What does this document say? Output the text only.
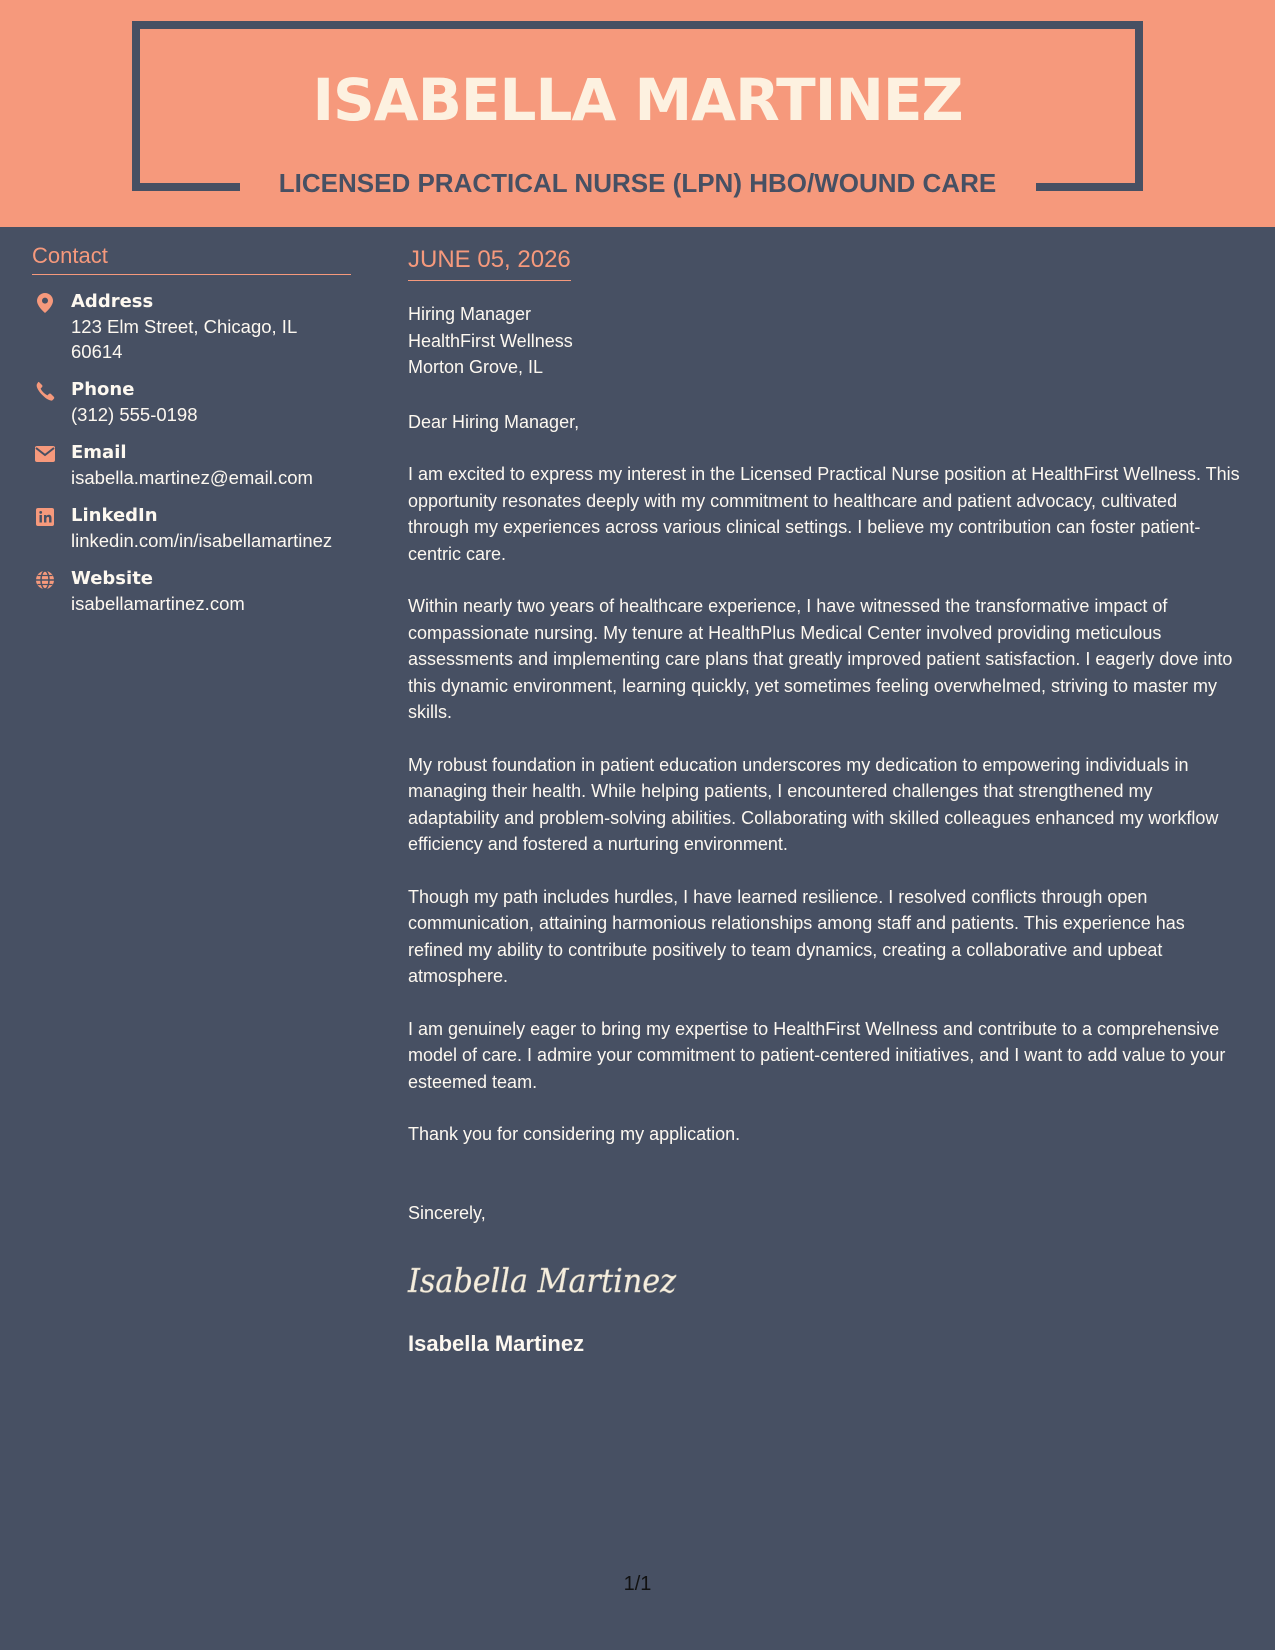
ISABELLA MARTINEZ
LICENSED PRACTICAL NURSE (LPN) HBO/WOUND CARE
Contact
Address
123 Elm Street, Chicago, IL
60614
Phone
(312) 555-0198
Email
isabella.martinez@email.com
LinkedIn
linkedin.com/in/isabellamartinez
Website
isabellamartinez.com
JUNE 05, 2026
Hiring Manager
HealthFirst Wellness
Morton Grove, IL
Dear Hiring Manager,

I am excited to express my interest in the Licensed Practical Nurse position at HealthFirst Wellness. This opportunity resonates deeply with my commitment to healthcare and patient advocacy, cultivated through my experiences across various clinical settings. I believe my contribution can foster patient-centric care.

Within nearly two years of healthcare experience, I have witnessed the transformative impact of compassionate nursing. My tenure at HealthPlus Medical Center involved providing meticulous assessments and implementing care plans that greatly improved patient satisfaction. I eagerly dove into this dynamic environment, learning quickly, yet sometimes feeling overwhelmed, striving to master my skills.

My robust foundation in patient education underscores my dedication to empowering individuals in managing their health. While helping patients, I encountered challenges that strengthened my adaptability and problem-solving abilities. Collaborating with skilled colleagues enhanced my workflow efficiency and fostered a nurturing environment.

Though my path includes hurdles, I have learned resilience. I resolved conflicts through open communication, attaining harmonious relationships among staff and patients. This experience has refined my ability to contribute positively to team dynamics, creating a collaborative and upbeat atmosphere.

I am genuinely eager to bring my expertise to HealthFirst Wellness and contribute to a comprehensive model of care. I admire your commitment to patient-centered initiatives, and I want to add value to your esteemed team.

Thank you for considering my application.

Sincerely,
Isabella Martinez
Isabella Martinez
1/1
